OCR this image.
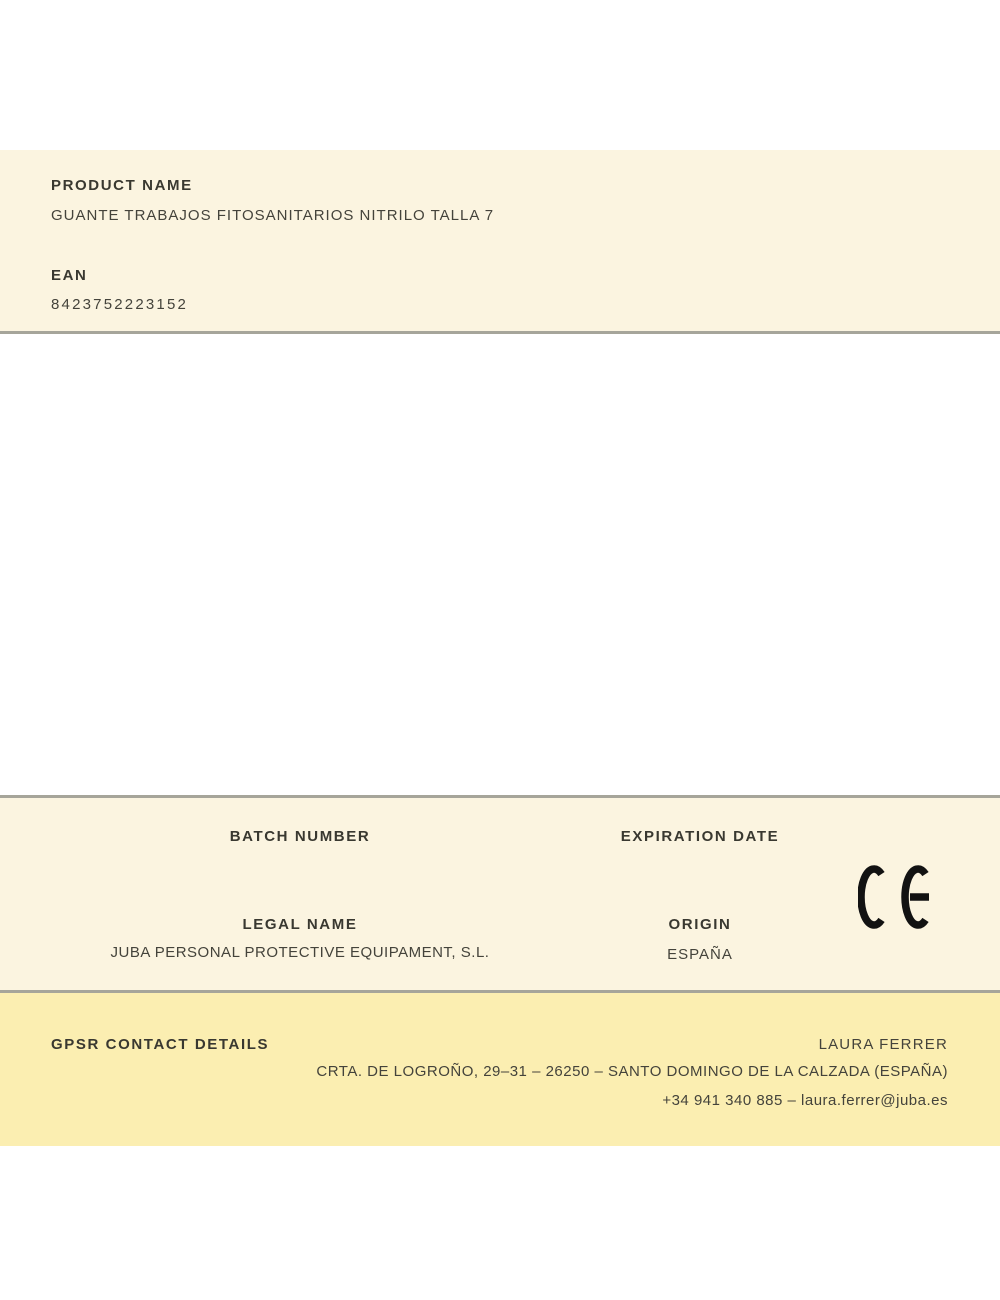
PRODUCT NAME
GUANTE TRABAJOS FITOSANITARIOS NITRILO TALLA 7
EAN
8423752223152
BATCH NUMBER	EXPIRATION DATE
LEGAL NAME
JUBA PERSONAL PROTECTIVE EQUIPAMENT, S.L.
ORIGIN
ESPAÑA
GPSR CONTACT DETAILS	LAURA FERRER
CRTA. DE LOGROÑO, 29–31 – 26250 – SANTO DOMINGO DE LA CALZADA (ESPAÑA)
+34 941 340 885 – laura.ferrer@juba.es
